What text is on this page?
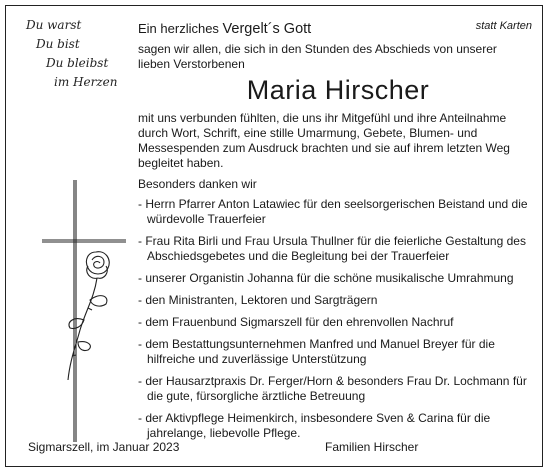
Du warst
Du bist
Du bleibst
im Herzen
Ein herzliches Vergelt´s Gott	statt Karten
sagen wir allen, die sich in den Stunden des Abschieds von unserer lieben Verstorbenen
Maria Hirscher
mit uns verbunden fühlten, die uns ihr Mitgefühl und ihre Anteilnahme durch Wort, Schrift, eine stille Umarmung, Gebete, Blumen- und Messespenden zum Ausdruck brachten und sie auf ihrem letzten Weg begleitet haben.
Besonders danken wir
- Herrn Pfarrer Anton Latawiec für den seelsorgerischen Beistand und die würdevolle Trauerfeier
- Frau Rita Birli und Frau Ursula Thullner für die feierliche Gestaltung des Abschiedsgebetes und die Begleitung bei der Trauerfeier
- unserer Organistin Johanna für die schöne musikalische Umrahmung
- den Ministranten, Lektoren und Sargträgern
- dem Frauenbund Sigmarszell für den ehrenvollen Nachruf
- dem Bestattungsunternehmen Manfred und Manuel Breyer für die hilfreiche und zuverlässige Unterstützung
- der Hausarztpraxis Dr. Ferger/Horn & besonders Frau Dr. Lochmann für die gute, fürsorgliche ärztliche Betreuung
- der Aktivpflege Heimenkirch, insbesondere Sven & Carina für die jahrelange, liebevolle Pflege.
Sigmarszell, im Januar 2023	Familien Hirscher
